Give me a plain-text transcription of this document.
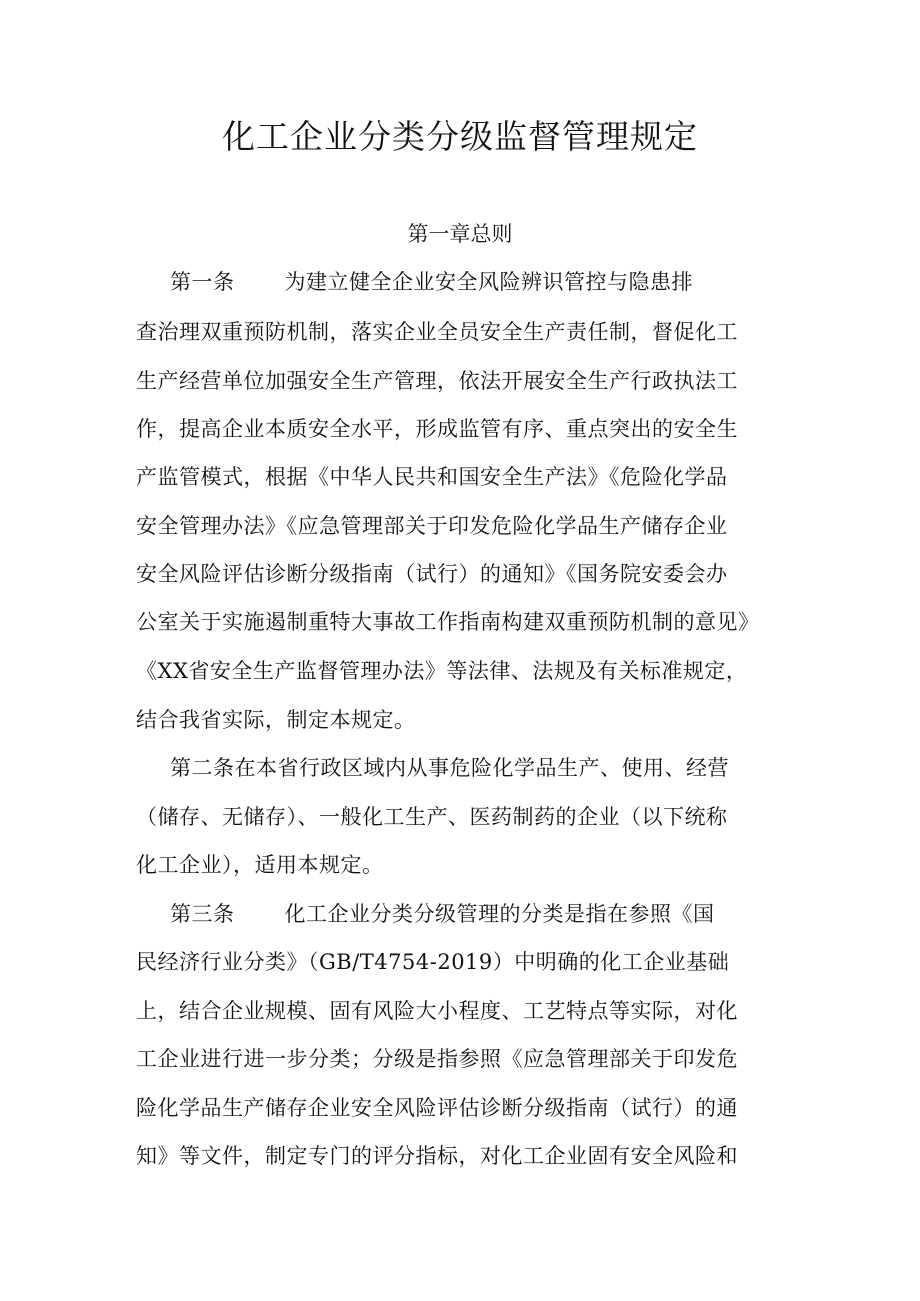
化工企业分类分级监督管理规定
第一章总则
第一条 为建立健全企业安全风险辨识管控与隐患排
查治理双重预防机制，落实企业全员安全生产责任制，督促化工
生产经营单位加强安全生产管理，依法开展安全生产行政执法工
作，提高企业本质安全水平，形成监管有序、重点突出的安全生
产监管模式，根据《中华人民共和国安全生产法》《危险化学品
安全管理办法》《应急管理部关于印发危险化学品生产储存企业
安全风险评估诊断分级指南（试行）的通知》《国务院安委会办
公室关于实施遏制重特大事故工作指南构建双重预防机制的意见》
《XX省安全生产监督管理办法》等法律、法规及有关标准规定，
结合我省实际，制定本规定。
第二条在本省行政区域内从事危险化学品生产、使用、经营
（储存、无储存）、一般化工生产、医药制药的企业（以下统称
化工企业），适用本规定。
第三条 化工企业分类分级管理的分类是指在参照《国
民经济行业分类》（GB/T4754-2019）中明确的化工企业基础
上，结合企业规模、固有风险大小程度、工艺特点等实际，对化
工企业进行进一步分类；分级是指参照《应急管理部关于印发危
险化学品生产储存企业安全风险评估诊断分级指南（试行）的通
知》等文件，制定专门的评分指标，对化工企业固有安全风险和
